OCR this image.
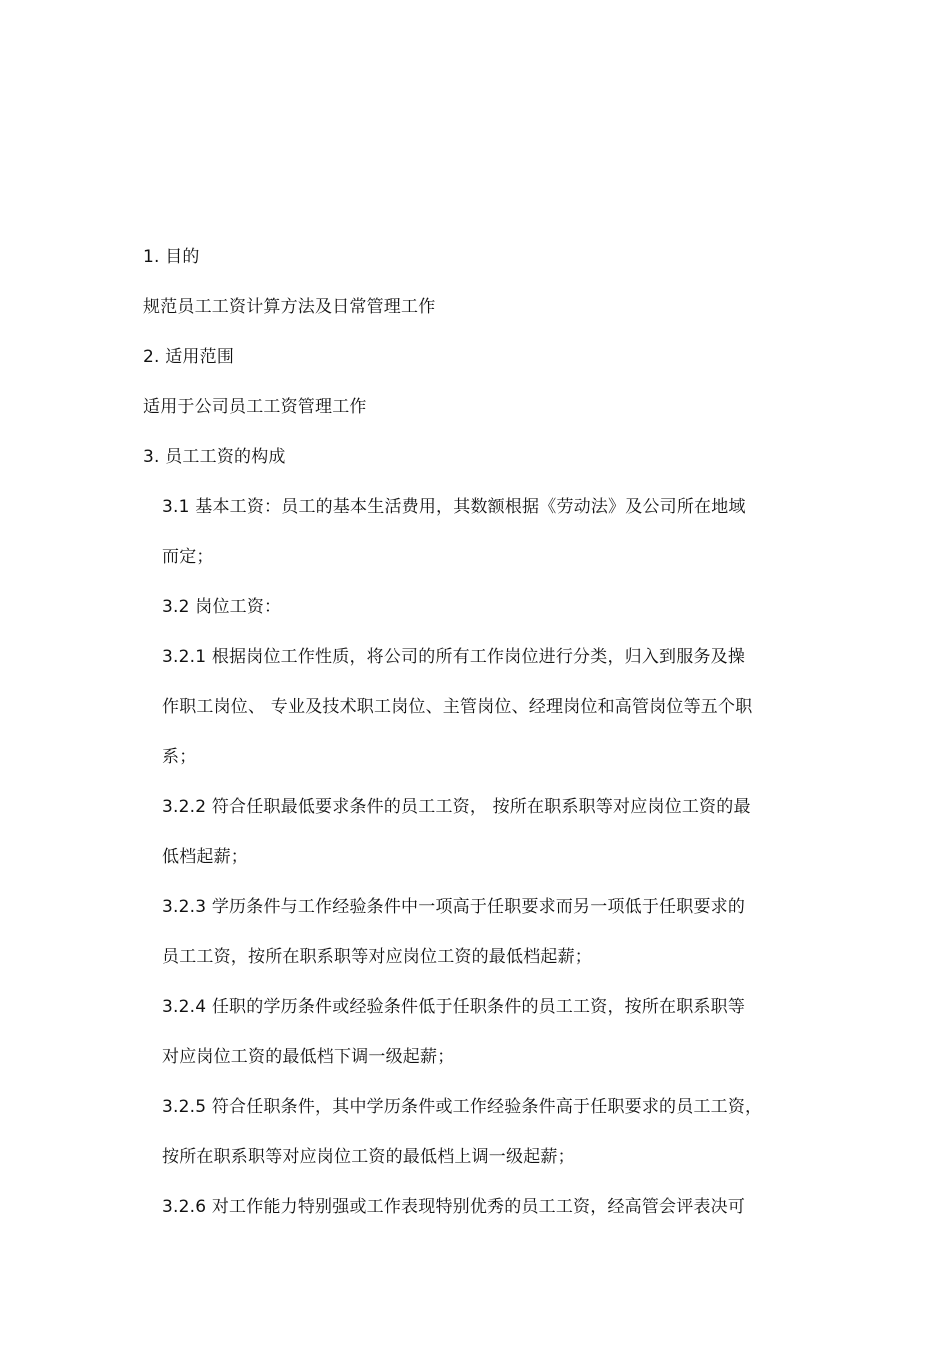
1. 目的
规范员工工资计算方法及日常管理工作
2. 适用范围
适用于公司员工工资管理工作
3. 员工工资的构成
3.1 基本工资：员工的基本生活费用，其数额根据《劳动法》及公司所在地域
而定；
3.2 岗位工资：
3.2.1 根据岗位工作性质，将公司的所有工作岗位进行分类，归入到服务及操
作职工岗位、 专业及技术职工岗位、主管岗位、经理岗位和高管岗位等五个职
系；
3.2.2 符合任职最低要求条件的员工工资， 按所在职系职等对应岗位工资的最
低档起薪；
3.2.3 学历条件与工作经验条件中一项高于任职要求而另一项低于任职要求的
员工工资，按所在职系职等对应岗位工资的最低档起薪；
3.2.4 任职的学历条件或经验条件低于任职条件的员工工资，按所在职系职等
对应岗位工资的最低档下调一级起薪；
3.2.5 符合任职条件，其中学历条件或工作经验条件高于任职要求的员工工资，
按所在职系职等对应岗位工资的最低档上调一级起薪；
3.2.6 对工作能力特别强或工作表现特别优秀的员工工资，经高管会评表决可
